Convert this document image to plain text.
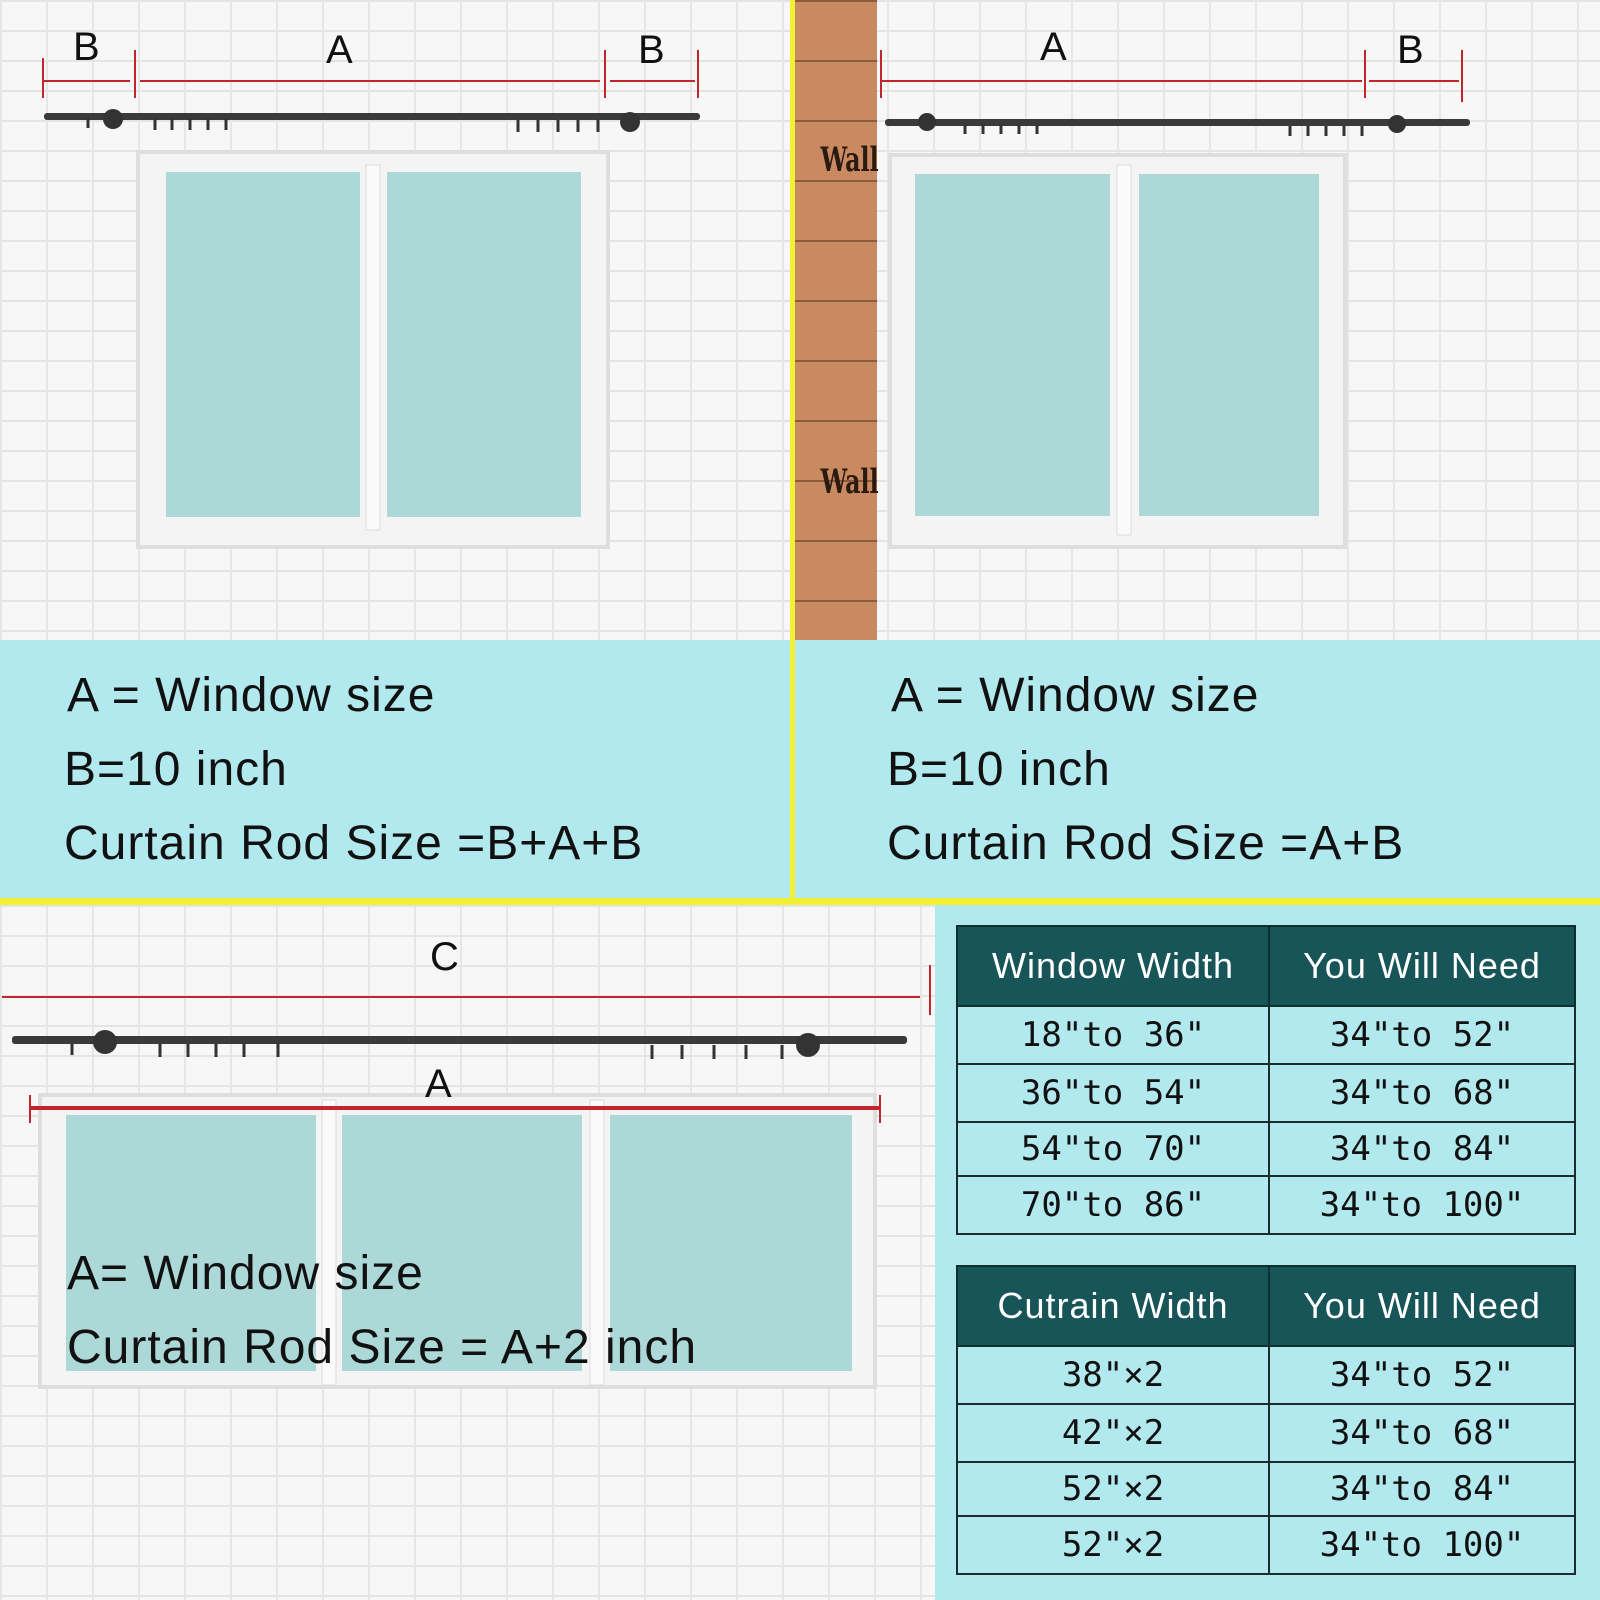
B	A	B
Wall
Wall
A	B
A = Window size
B=10 inch
Curtain Rod Size =B+A+B
A = Window size
B=10 inch
Curtain Rod Size =A+B
C
A
A= Window size
Curtain Rod Size = A+2 inch
Window Width	You Will Need
18"to 36"	34"to 52"
36"to 54"	34"to 68"
54"to 70"	34"to 84"
70"to 86"	34"to 100"
Cutrain Width	You Will Need
38"×2	34"to 52"
42"×2	34"to 68"
52"×2	34"to 84"
52"×2	34"to 100"
